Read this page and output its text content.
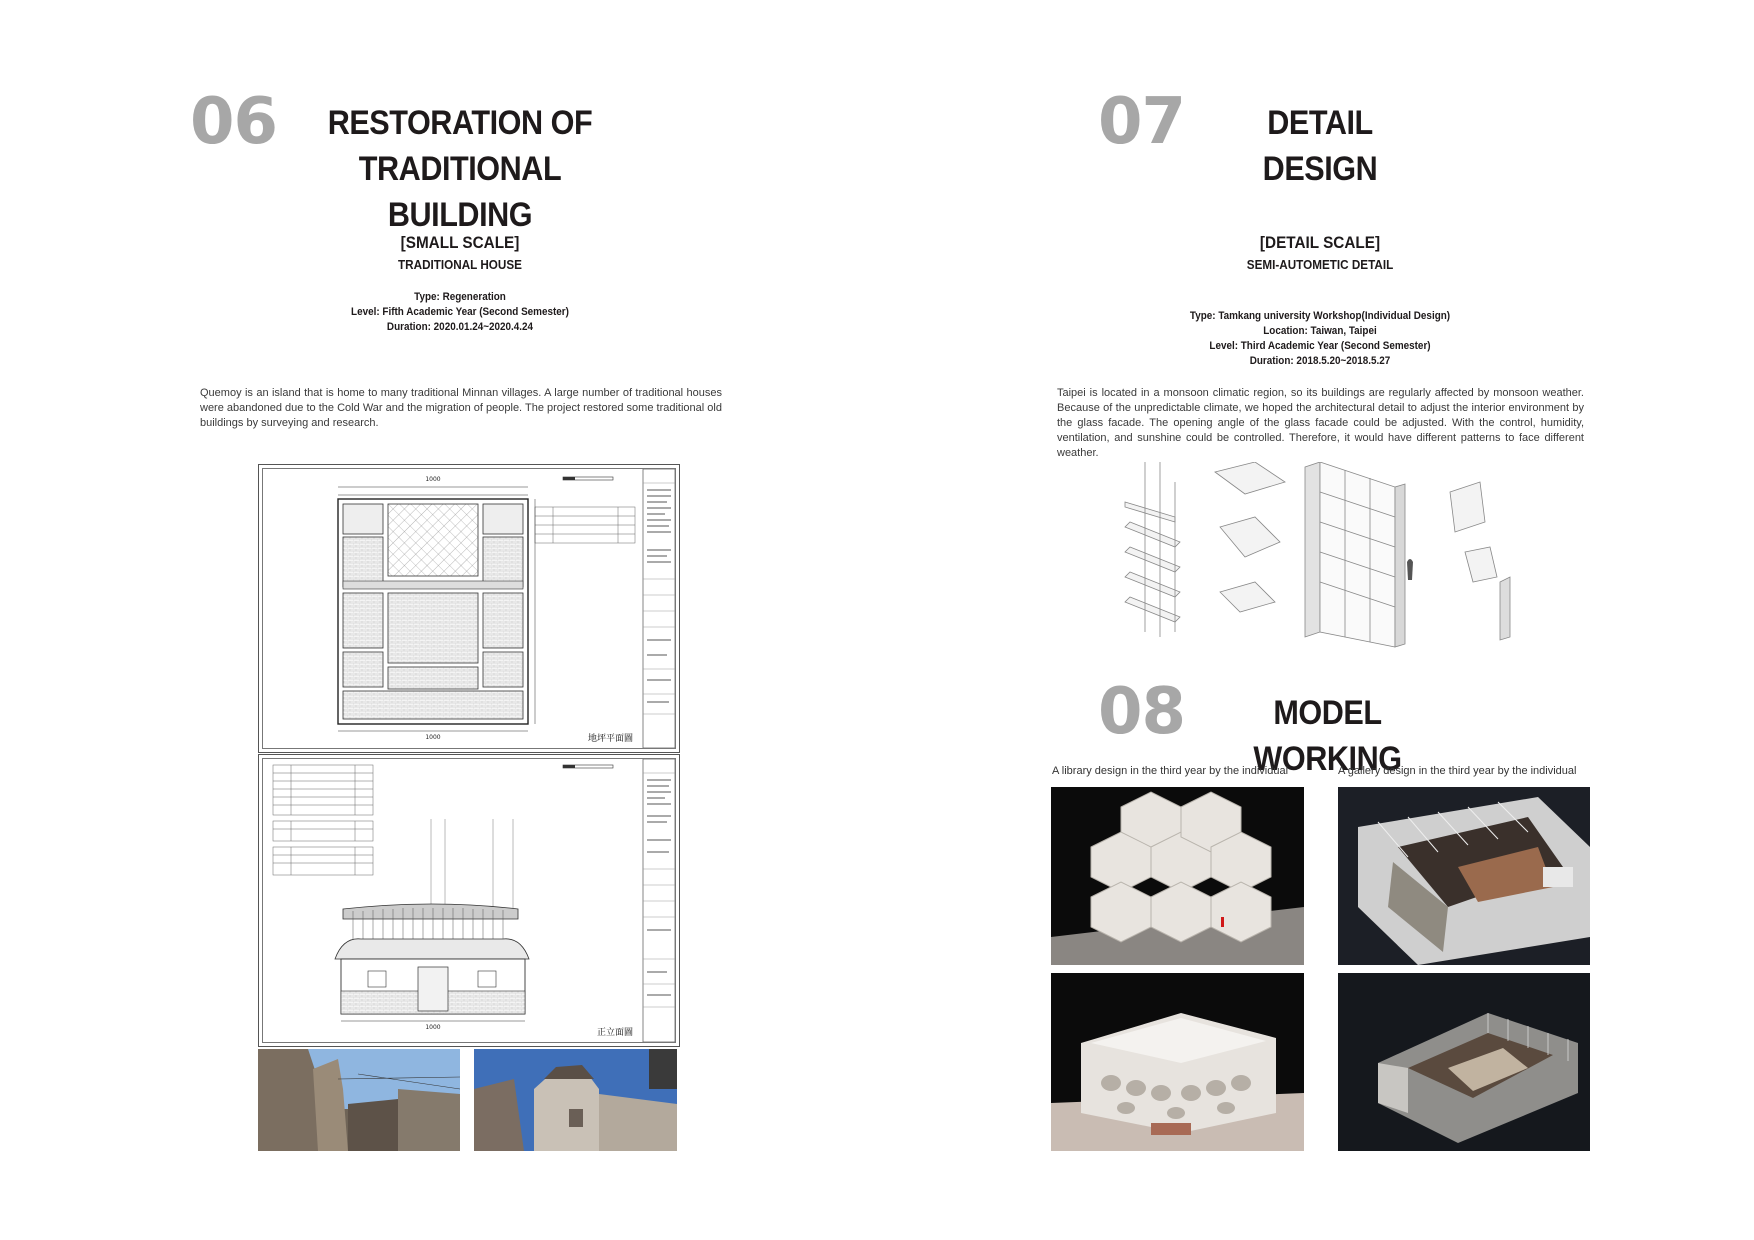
06	RESTORATION OF
TRADITIONAL BUILDING
[SMALL SCALE]
TRADITIONAL HOUSE
Type: Regeneration
Level: Fifth Academic Year (Second Semester)
Duration: 2020.01.24~2020.4.24
Quemoy is an island that is home to many traditional Minnan villages. A large number of traditional houses were abandoned due to the Cold War and the migration of people. The project restored some traditional old buildings by surveying and research.
1000
1000	地坪平面圖
1000
正立面圖
07	DETAIL DESIGN
[DETAIL SCALE]
SEMI-AUTOMETIC DETAIL
Type: Tamkang university Workshop(Individual Design)
Location: Taiwan, Taipei
Level: Third Academic Year (Second Semester)
Duration: 2018.5.20~2018.5.27
Taipei is located in a monsoon climatic region, so its buildings are regularly affected by monsoon weather. Because of the unpredictable climate, we hoped the architectural detail to adjust the interior environment by the glass facade. The opening angle of the glass facade could be adjusted. With the control, humidity, ventilation, and sunshine could be controlled. Therefore, it would have different patterns to face different weather.
08	MODEL WORKING
A library design in the third year by the individual	A gallery design in the third year by the individual
